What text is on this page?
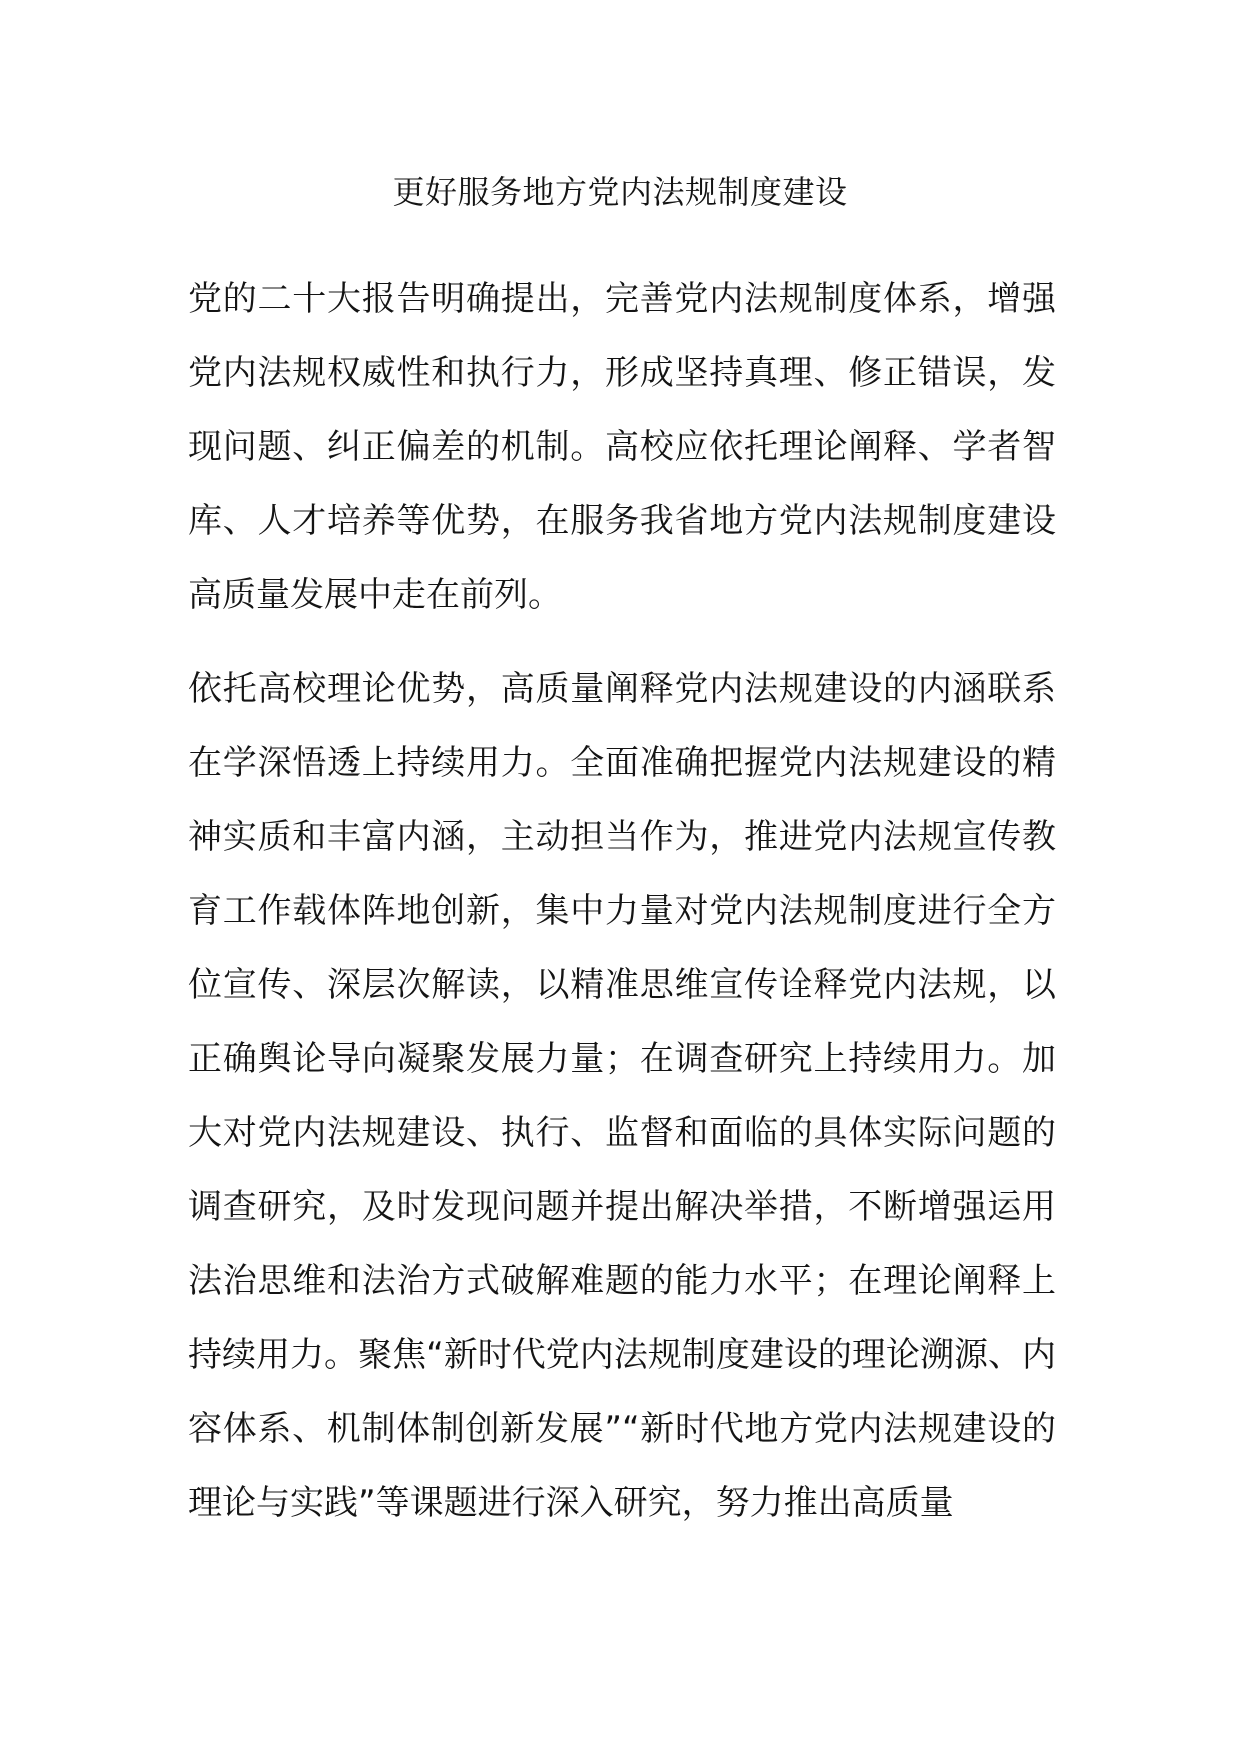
更好服务地方党内法规制度建设

党的二十大报告明确提出，完善党内法规制度体系，增强党内法规权威性和执行力，形成坚持真理、修正错误，发现问题、纠正偏差的机制。高校应依托理论阐释、学者智库、人才培养等优势，在服务我省地方党内法规制度建设高质量发展中走在前列。

依托高校理论优势，高质量阐释党内法规建设的内涵联系在学深悟透上持续用力。全面准确把握党内法规建设的精神实质和丰富内涵，主动担当作为，推进党内法规宣传教育工作载体阵地创新，集中力量对党内法规制度进行全方位宣传、深层次解读，以精准思维宣传诠释党内法规，以正确舆论导向凝聚发展力量；在调查研究上持续用力。加大对党内法规建设、执行、监督和面临的具体实际问题的调查研究，及时发现问题并提出解决举措，不断增强运用法治思维和法治方式破解难题的能力水平；在理论阐释上持续用力。聚焦“新时代党内法规制度建设的理论溯源、内容体系、机制体制创新发展”“新时代地方党内法规建设的理论与实践”等课题进行深入研究，努力推出高质量
